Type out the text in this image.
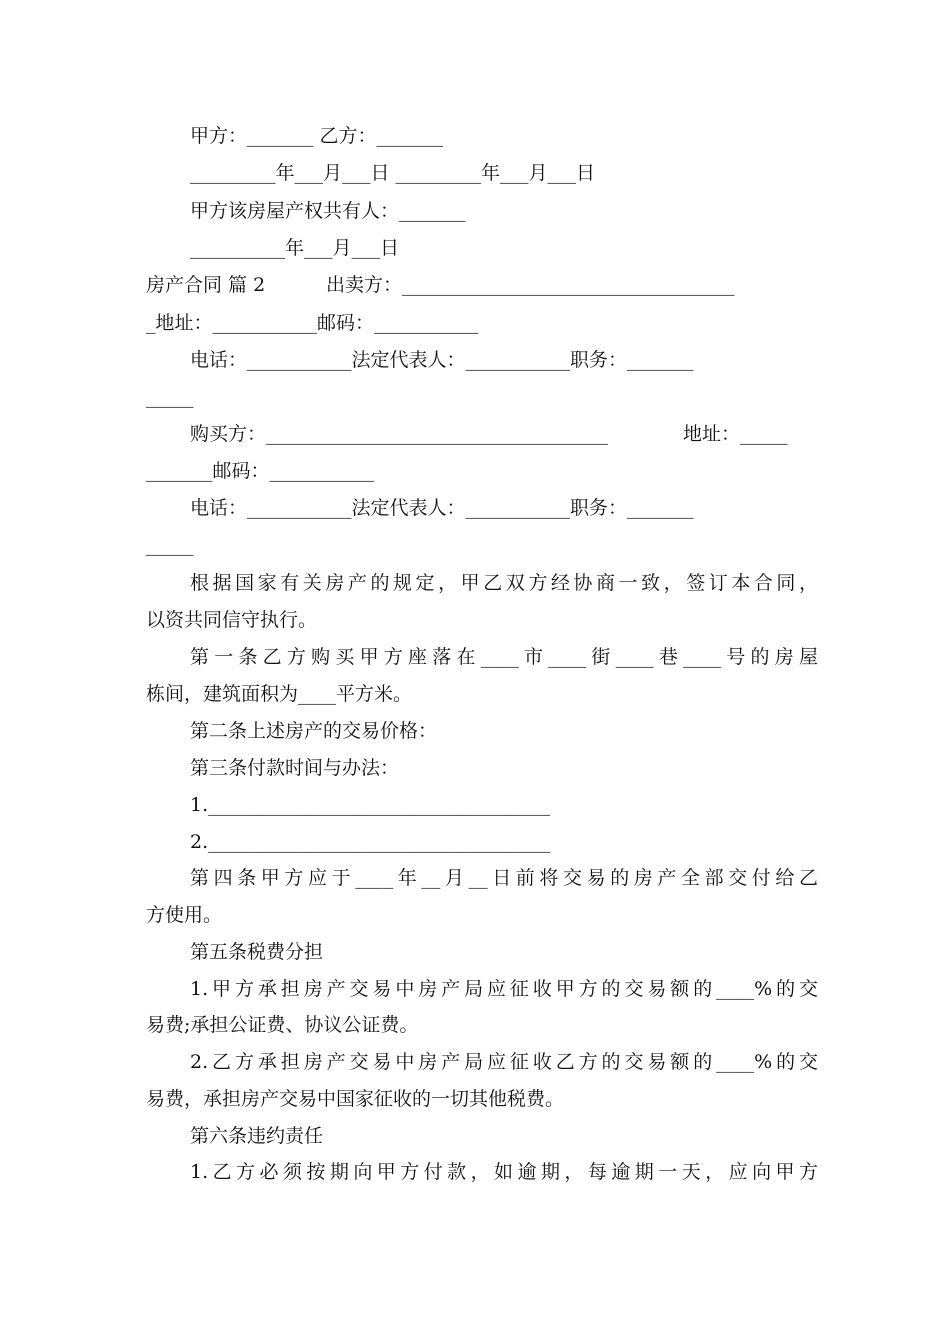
甲方：_______ 乙方：_______

_________年___月___日 _________年___月___日

甲方该房屋产权共有人：_______

__________年___月___日

房产合同 篇 2	出卖方：___________________________________

_地址：___________邮码：___________

电话：___________法定代表人：___________职务：_______

_____

购买方：____________________________________	地址：_____

_______邮码：___________

电话：___________法定代表人：___________职务：_______

_____

根据国家有关房产的规定，甲乙双方经协商一致，签订本合同，

以资共同信守执行。

第一条乙方购买甲方座落在____市____街____巷____号的房屋

栋间，建筑面积为____平方米。

第二条上述房产的交易价格：

第三条付款时间与办法：

1.____________________________________

2.____________________________________

第四条甲方应于____年__月__日前将交易的房产全部交付给乙

方使用。

第五条税费分担

1.甲方承担房产交易中房产局应征收甲方的交易额的____%的交

易费;承担公证费、协议公证费。

2.乙方承担房产交易中房产局应征收乙方的交易额的____%的交

易费，承担房产交易中国家征收的一切其他税费。

第六条违约责任

1.乙方必须按期向甲方付款，如逾期，每逾期一天，应向甲方
